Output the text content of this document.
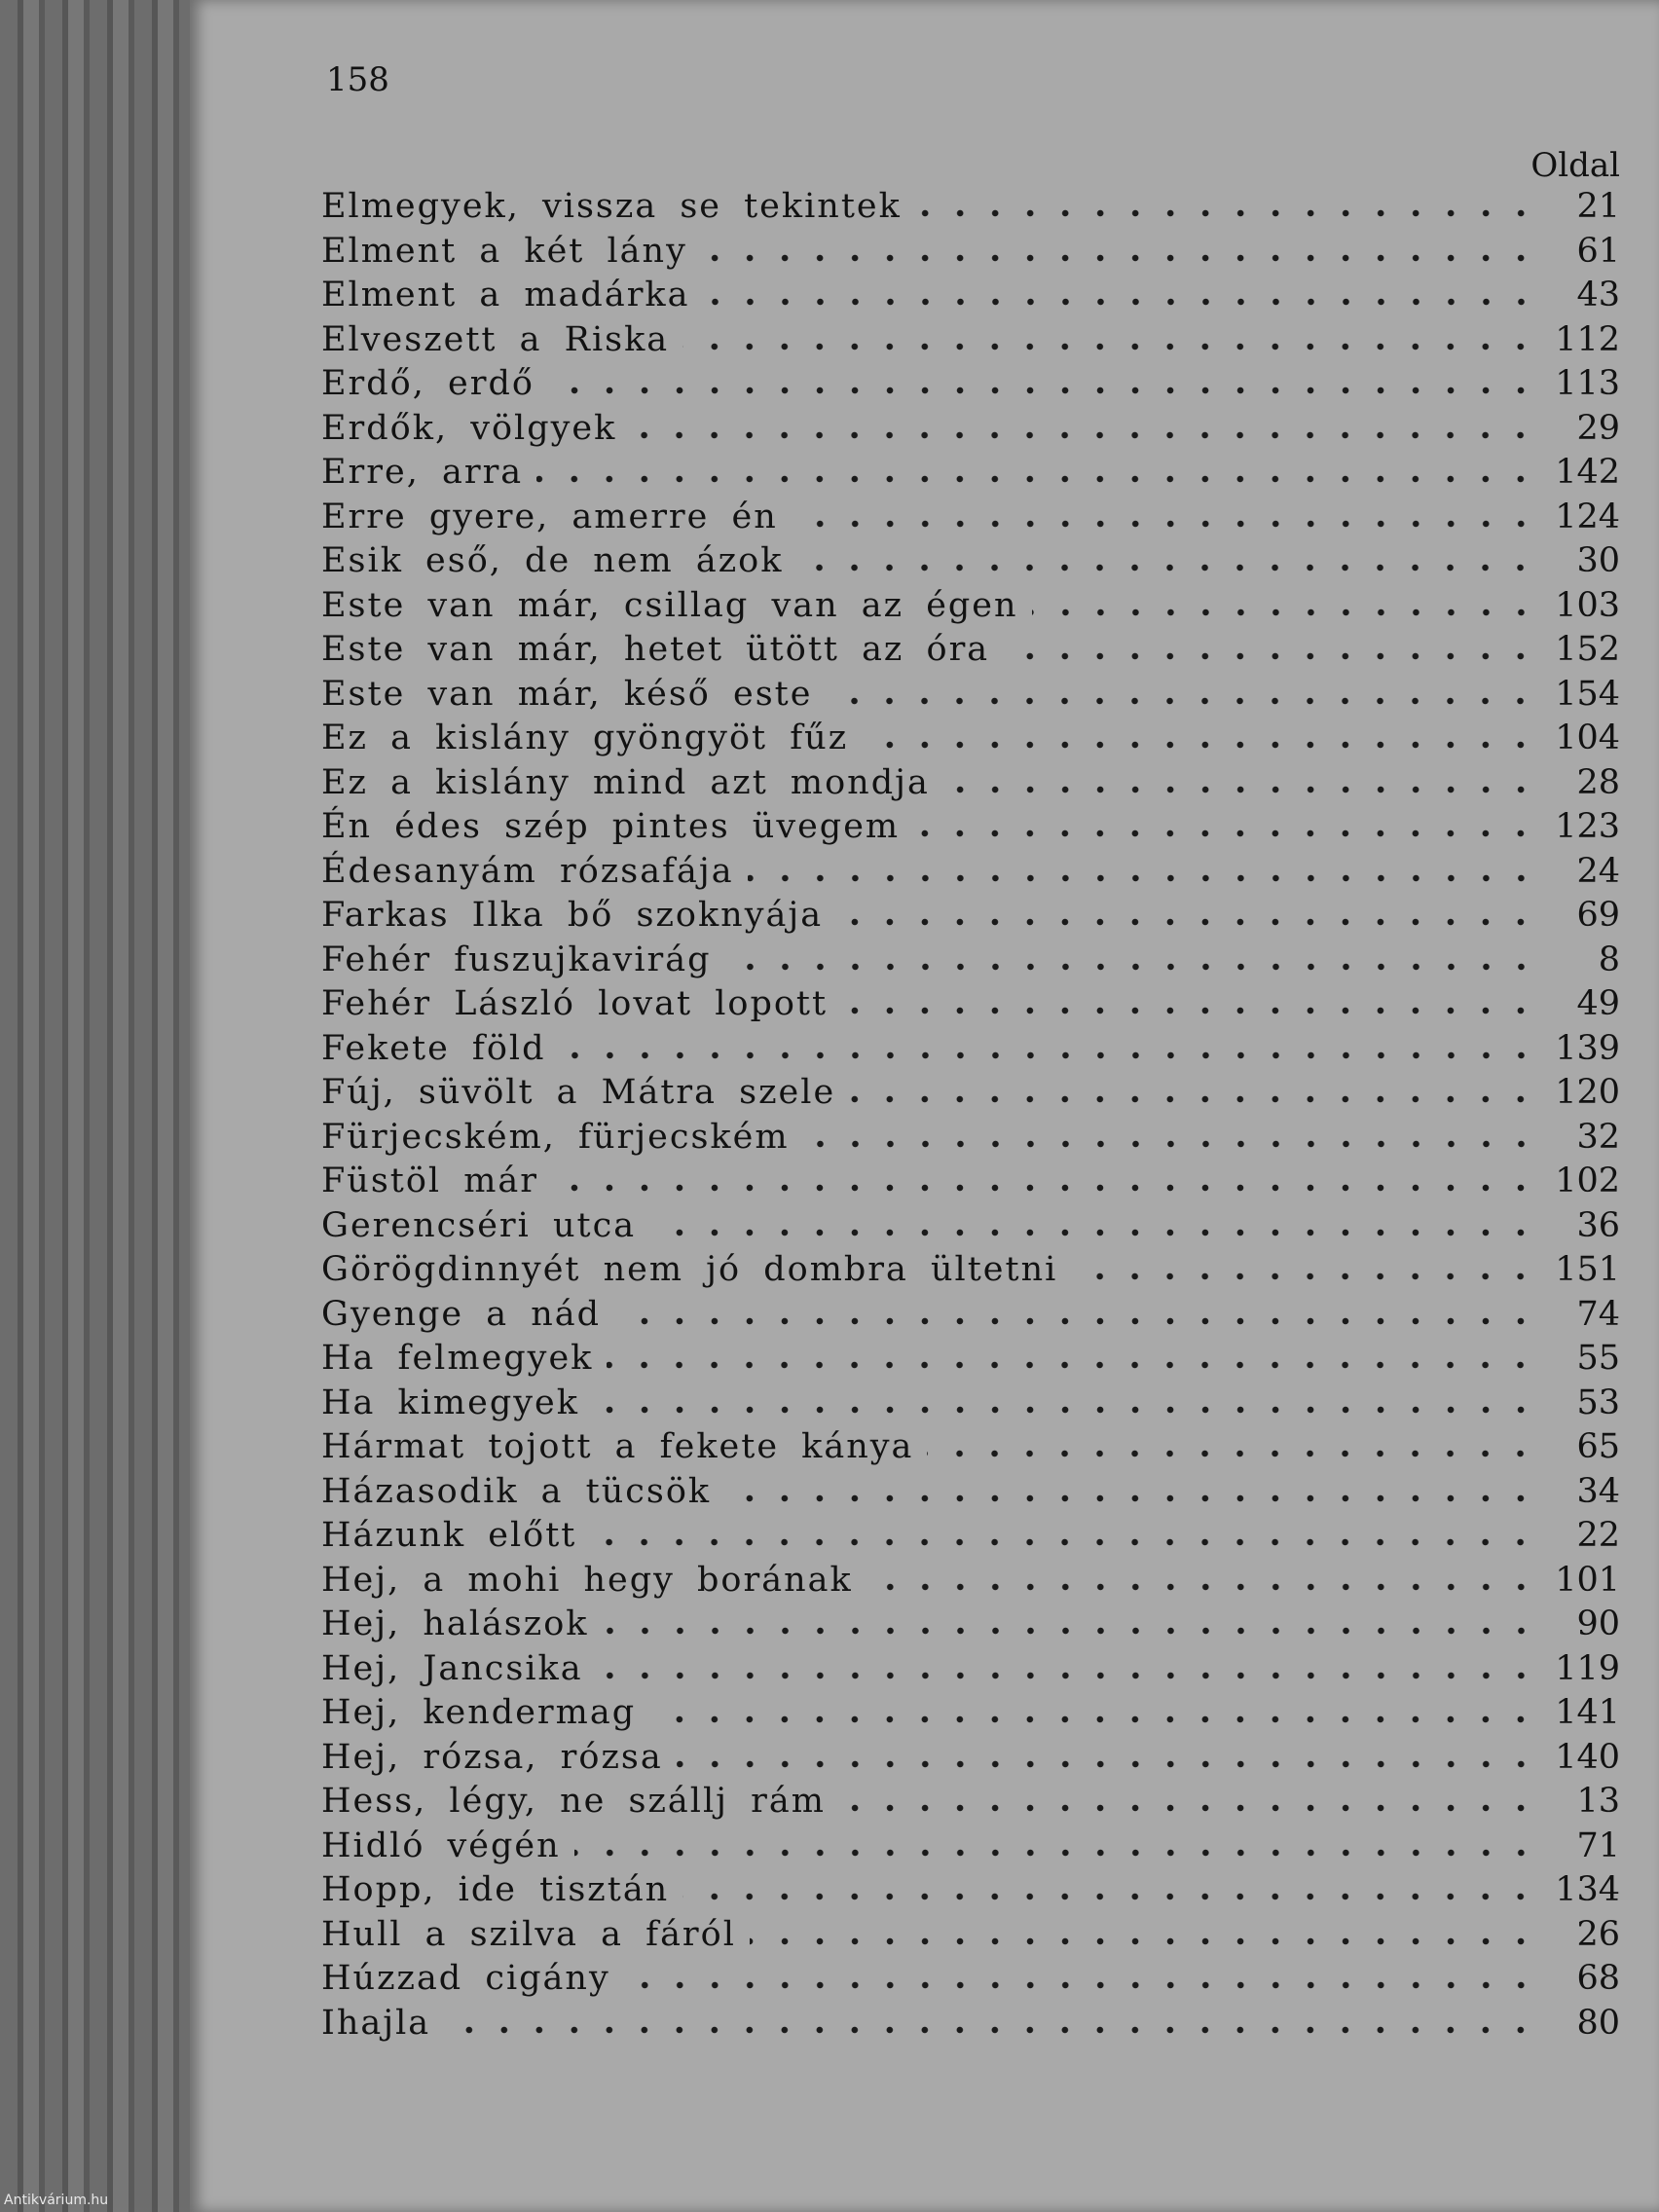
158
Oldal
Elmegyek, vissza se tekintek	21
Elment a két lány	61
Elment a madárka	43
Elveszett a Riska	112
Erdő, erdő	113
Erdők, völgyek	29
Erre, arra	142
Erre gyere, amerre én	124
Esik eső, de nem ázok	30
Este van már, csillag van az égen	103
Este van már, hetet ütött az óra	152
Este van már, késő este	154
Ez a kislány gyöngyöt fűz	104
Ez a kislány mind azt mondja	28
Én édes szép pintes üvegem	123
Édesanyám rózsafája	24
Farkas Ilka bő szoknyája	69
Fehér fuszujkavirág	8
Fehér László lovat lopott	49
Fekete föld	139
Fúj, süvölt a Mátra szele	120
Fürjecském, fürjecském	32
Füstöl már	102
Gerencséri utca	36
Görögdinnyét nem jó dombra ültetni	151
Gyenge a nád	74
Ha felmegyek	55
Ha kimegyek	53
Hármat tojott a fekete kánya	65
Házasodik a tücsök	34
Házunk előtt	22
Hej, a mohi hegy borának	101
Hej, halászok	90
Hej, Jancsika	119
Hej, kendermag	141
Hej, rózsa, rózsa	140
Hess, légy, ne szállj rám	13
Hidló végén	71
Hopp, ide tisztán	134
Hull a szilva a fáról	26
Húzzad cigány	68
Ihajla	80
Antikvárium.hu
